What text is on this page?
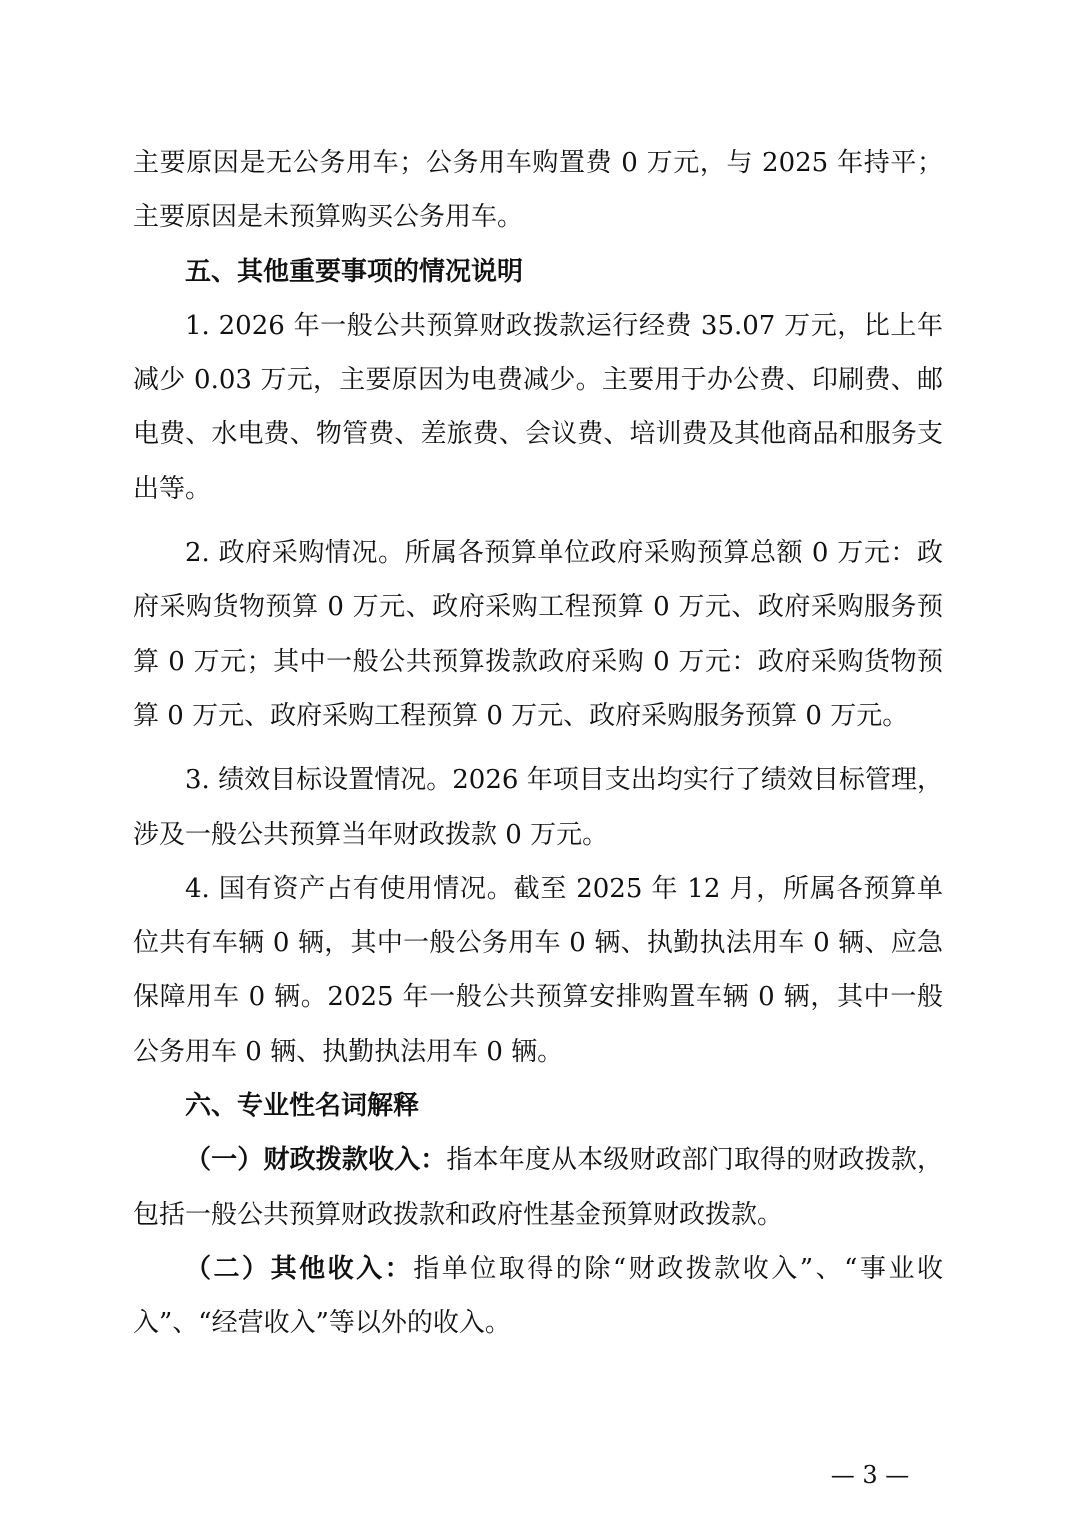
主要原因是无公务用车；公务用车购置费 0 万元，与 2025 年持平；主要原因是未预算购买公务用车。

五、其他重要事项的情况说明

1. 2026 年一般公共预算财政拨款运行经费 35.07 万元，比上年减少 0.03 万元，主要原因为电费减少。主要用于办公费、印刷费、邮电费、水电费、物管费、差旅费、会议费、培训费及其他商品和服务支出等。

2. 政府采购情况。所属各预算单位政府采购预算总额 0 万元：政府采购货物预算 0 万元、政府采购工程预算 0 万元、政府采购服务预算 0 万元；其中一般公共预算拨款政府采购 0 万元：政府采购货物预算 0 万元、政府采购工程预算 0 万元、政府采购服务预算 0 万元。

3. 绩效目标设置情况。2026 年项目支出均实行了绩效目标管理，涉及一般公共预算当年财政拨款 0 万元。

4. 国有资产占有使用情况。截至 2025 年 12 月，所属各预算单位共有车辆 0 辆，其中一般公务用车 0 辆、执勤执法用车 0 辆、应急保障用车 0 辆。2025 年一般公共预算安排购置车辆 0 辆，其中一般公务用车 0 辆、执勤执法用车 0 辆。

六、专业性名词解释

（一）财政拨款收入：指本年度从本级财政部门取得的财政拨款，包括一般公共预算财政拨款和政府性基金预算财政拨款。

（二）其他收入：指单位取得的除“财政拨款收入”、“事业收入”、“经营收入”等以外的收入。

— 3 —
